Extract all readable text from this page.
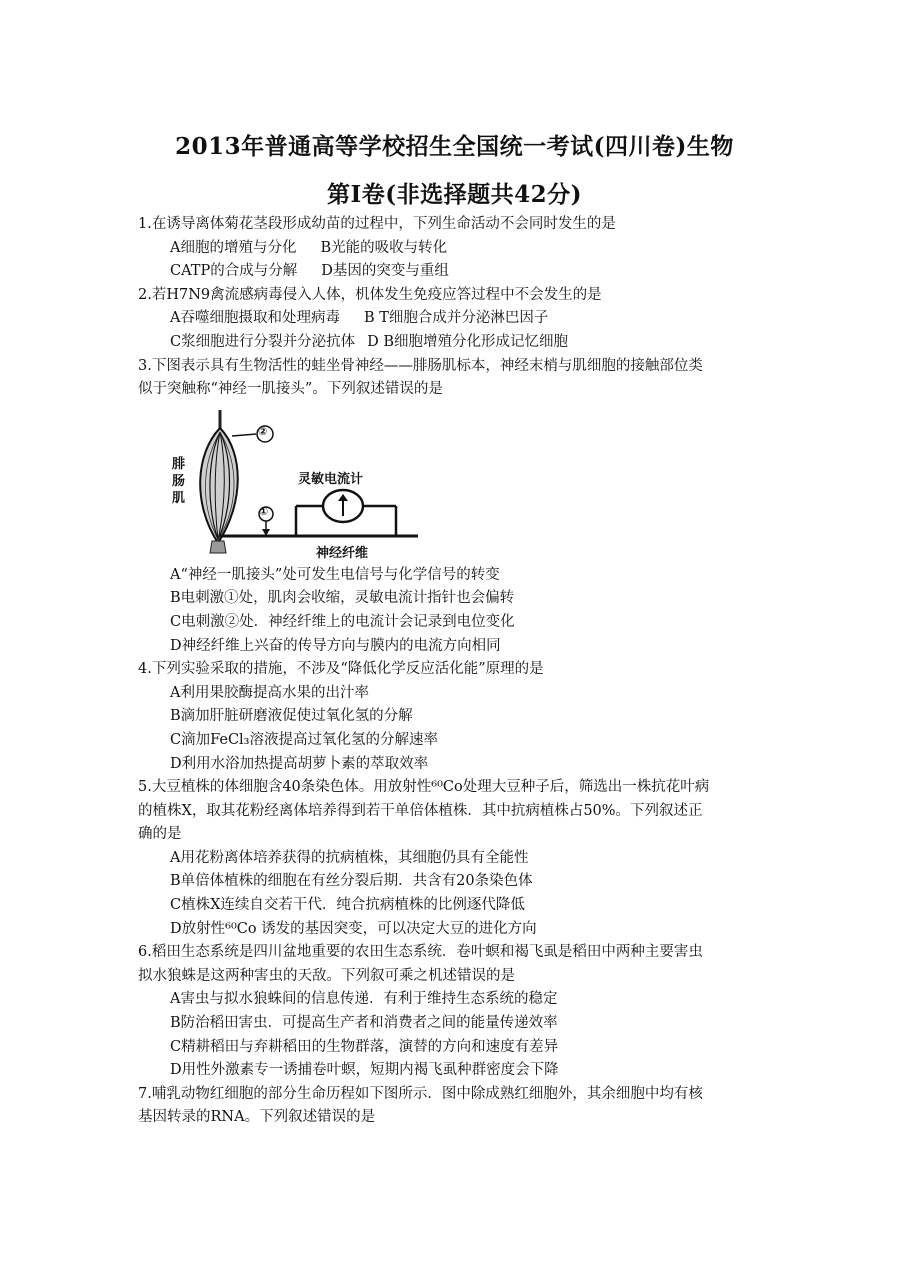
2013年普通高等学校招生全国统一考试(四川卷)生物
第Ⅰ卷(非选择题共42分)

1.在诱导离体菊花茎段形成幼苗的过程中，下列生命活动不会同时发生的是

A细胞的增殖与分化 B光能的吸收与转化

CATP的合成与分解 D基因的突变与重组

2.若H7N9禽流感病毒侵入人体，机体发生免疫应答过程中不会发生的是

A吞噬细胞摄取和处理病毒 B T细胞合成并分泌淋巴因子

C浆细胞进行分裂并分泌抗体 D B细胞增殖分化形成记忆细胞

3.下图表示具有生物活性的蛙坐骨神经——腓肠肌标本，神经末梢与肌细胞的接触部位类

似于突触称“神经一肌接头”。下列叙述错误的是

腓肠肌
灵敏电流计
神经纤维
①
②

A“神经一肌接头”处可发生电信号与化学信号的转变

B电刺激①处，肌肉会收缩，灵敏电流计指针也会偏转

C电刺激②处．神经纤维上的电流计会记录到电位变化

D神经纤维上兴奋的传导方向与膜内的电流方向相同

4.下列实验采取的措施，不涉及“降低化学反应活化能”原理的是

A利用果胶酶提高水果的出汁率

B滴加肝脏研磨液促使过氧化氢的分解

C滴加FeCl₃溶液提高过氧化氢的分解速率

D利用水浴加热提高胡萝卜素的萃取效率

5.大豆植株的体细胞含40条染色体。用放射性⁶⁰Co处理大豆种子后，筛选出一株抗花叶病

的植株X，取其花粉经离体培养得到若干单倍体植株．其中抗病植株占50%。下列叙述正

确的是

A用花粉离体培养获得的抗病植株，其细胞仍具有全能性

B单倍体植株的细胞在有丝分裂后期．共含有20条染色体

C植株X连续自交若干代．纯合抗病植株的比例逐代降低

D放射性⁶⁰Co 诱发的基因突变，可以决定大豆的进化方向

6.稻田生态系统是四川盆地重要的农田生态系统．卷叶螟和褐飞虱是稻田中两种主要害虫

拟水狼蛛是这两种害虫的天敌。下列叙可乘之机述错误的是

A害虫与拟水狼蛛间的信息传递．有利于维持生态系统的稳定

B防治稻田害虫．可提高生产者和消费者之间的能量传递效率

C精耕稻田与弃耕稻田的生物群落，演替的方向和速度有差异

D用性外激素专一诱捕卷叶螟，短期内褐飞虱种群密度会下降

7.哺乳动物红细胞的部分生命历程如下图所示．图中除成熟红细胞外，其余细胞中均有核

基因转录的RNA。下列叙述错误的是
